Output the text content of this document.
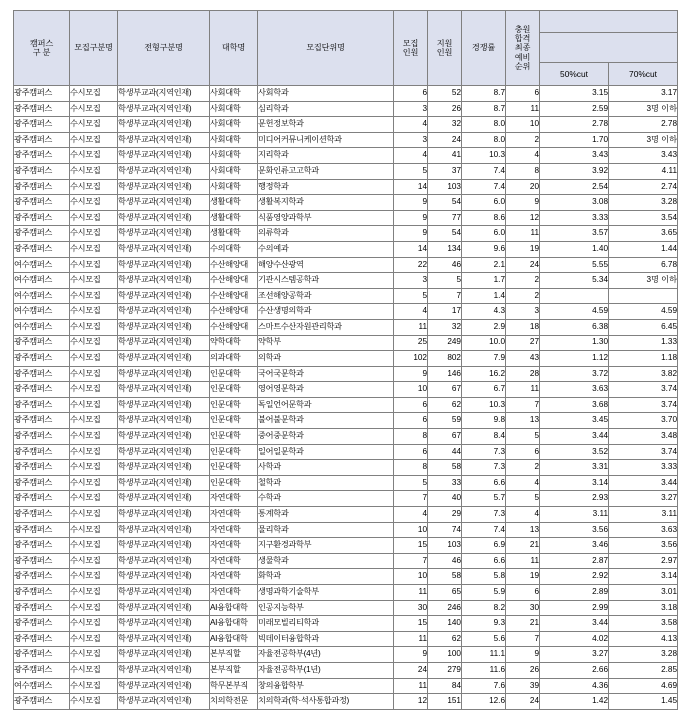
캠퍼스
구 분	모집구분명	전형구분명	대학명	모집단위명	모집
인원	지원
인원	경쟁률	충원
합격
최종
예비
순위		

									50%cut	70%cut
광주캠퍼스	수시모집	학생부교과(지역인재)	사회대학	사회학과	6	52	8.7	6	3.15	3.17
광주캠퍼스	수시모집	학생부교과(지역인재)	사회대학	심리학과	3	26	8.7	11	2.59	3명 이하
광주캠퍼스	수시모집	학생부교과(지역인재)	사회대학	문헌정보학과	4	32	8.0	10	2.78	2.78
광주캠퍼스	수시모집	학생부교과(지역인재)	사회대학	미디어커뮤니케이션학과	3	24	8.0	2	1.70	3명 이하
광주캠퍼스	수시모집	학생부교과(지역인재)	사회대학	지리학과	4	41	10.3	4	3.43	3.43
광주캠퍼스	수시모집	학생부교과(지역인재)	사회대학	문화인류고고학과	5	37	7.4	8	3.92	4.11
광주캠퍼스	수시모집	학생부교과(지역인재)	사회대학	행정학과	14	103	7.4	20	2.54	2.74
광주캠퍼스	수시모집	학생부교과(지역인재)	생활대학	생활복지학과	9	54	6.0	9	3.08	3.28
광주캠퍼스	수시모집	학생부교과(지역인재)	생활대학	식품영양과학부	9	77	8.6	12	3.33	3.54
광주캠퍼스	수시모집	학생부교과(지역인재)	생활대학	의류학과	9	54	6.0	11	3.57	3.65
광주캠퍼스	수시모집	학생부교과(지역인재)	수의대학	수의예과	14	134	9.6	19	1.40	1.44
여수캠퍼스	수시모집	학생부교과(지역인재)	수산해양대	해양수산광역	22	46	2.1	24	5.55	6.78
여수캠퍼스	수시모집	학생부교과(지역인재)	수산해양대	기관시스템공학과	3	5	1.7	2	5.34	3명 이하
여수캠퍼스	수시모집	학생부교과(지역인재)	수산해양대	조선해양공학과	5	7	1.4	2		
여수캠퍼스	수시모집	학생부교과(지역인재)	수산해양대	수산생명의학과	4	17	4.3	3	4.59	4.59
여수캠퍼스	수시모집	학생부교과(지역인재)	수산해양대	스마트수산자원관리학과	11	32	2.9	18	6.38	6.45
광주캠퍼스	수시모집	학생부교과(지역인재)	약학대학	약학부	25	249	10.0	27	1.30	1.33
광주캠퍼스	수시모집	학생부교과(지역인재)	의과대학	의학과	102	802	7.9	43	1.12	1.18
광주캠퍼스	수시모집	학생부교과(지역인재)	인문대학	국어국문학과	9	146	16.2	28	3.72	3.82
광주캠퍼스	수시모집	학생부교과(지역인재)	인문대학	영어영문학과	10	67	6.7	11	3.63	3.74
광주캠퍼스	수시모집	학생부교과(지역인재)	인문대학	독일언어문학과	6	62	10.3	7	3.68	3.74
광주캠퍼스	수시모집	학생부교과(지역인재)	인문대학	불어불문학과	6	59	9.8	13	3.45	3.70
광주캠퍼스	수시모집	학생부교과(지역인재)	인문대학	중어중문학과	8	67	8.4	5	3.44	3.48
광주캠퍼스	수시모집	학생부교과(지역인재)	인문대학	일어일문학과	6	44	7.3	6	3.52	3.74
광주캠퍼스	수시모집	학생부교과(지역인재)	인문대학	사학과	8	58	7.3	2	3.31	3.33
광주캠퍼스	수시모집	학생부교과(지역인재)	인문대학	철학과	5	33	6.6	4	3.14	3.44
광주캠퍼스	수시모집	학생부교과(지역인재)	자연대학	수학과	7	40	5.7	5	2.93	3.27
광주캠퍼스	수시모집	학생부교과(지역인재)	자연대학	통계학과	4	29	7.3	4	3.11	3.11
광주캠퍼스	수시모집	학생부교과(지역인재)	자연대학	물리학과	10	74	7.4	13	3.56	3.63
광주캠퍼스	수시모집	학생부교과(지역인재)	자연대학	지구환경과학부	15	103	6.9	21	3.46	3.56
광주캠퍼스	수시모집	학생부교과(지역인재)	자연대학	생물학과	7	46	6.6	11	2.87	2.97
광주캠퍼스	수시모집	학생부교과(지역인재)	자연대학	화학과	10	58	5.8	19	2.92	3.14
광주캠퍼스	수시모집	학생부교과(지역인재)	자연대학	생명과학기술학부	11	65	5.9	6	2.89	3.01
광주캠퍼스	수시모집	학생부교과(지역인재)	AI융합대학	인공지능학부	30	246	8.2	30	2.99	3.18
광주캠퍼스	수시모집	학생부교과(지역인재)	AI융합대학	미래모빌리티학과	15	140	9.3	21	3.44	3.58
광주캠퍼스	수시모집	학생부교과(지역인재)	AI융합대학	빅데이터융합학과	11	62	5.6	7	4.02	4.13
광주캠퍼스	수시모집	학생부교과(지역인재)	본부직할	자율전공학부(4년)	9	100	11.1	9	3.27	3.28
광주캠퍼스	수시모집	학생부교과(지역인재)	본부직할	자율전공학부(1년)	24	279	11.6	26	2.66	2.85
여수캠퍼스	수시모집	학생부교과(지역인재)	학무본부직	창의융합학부	11	84	7.6	39	4.36	4.69
광주캠퍼스	수시모집	학생부교과(지역인재)	치의학전문	치의학과(학·석사통합과정)	12	151	12.6	24	1.42	1.45
